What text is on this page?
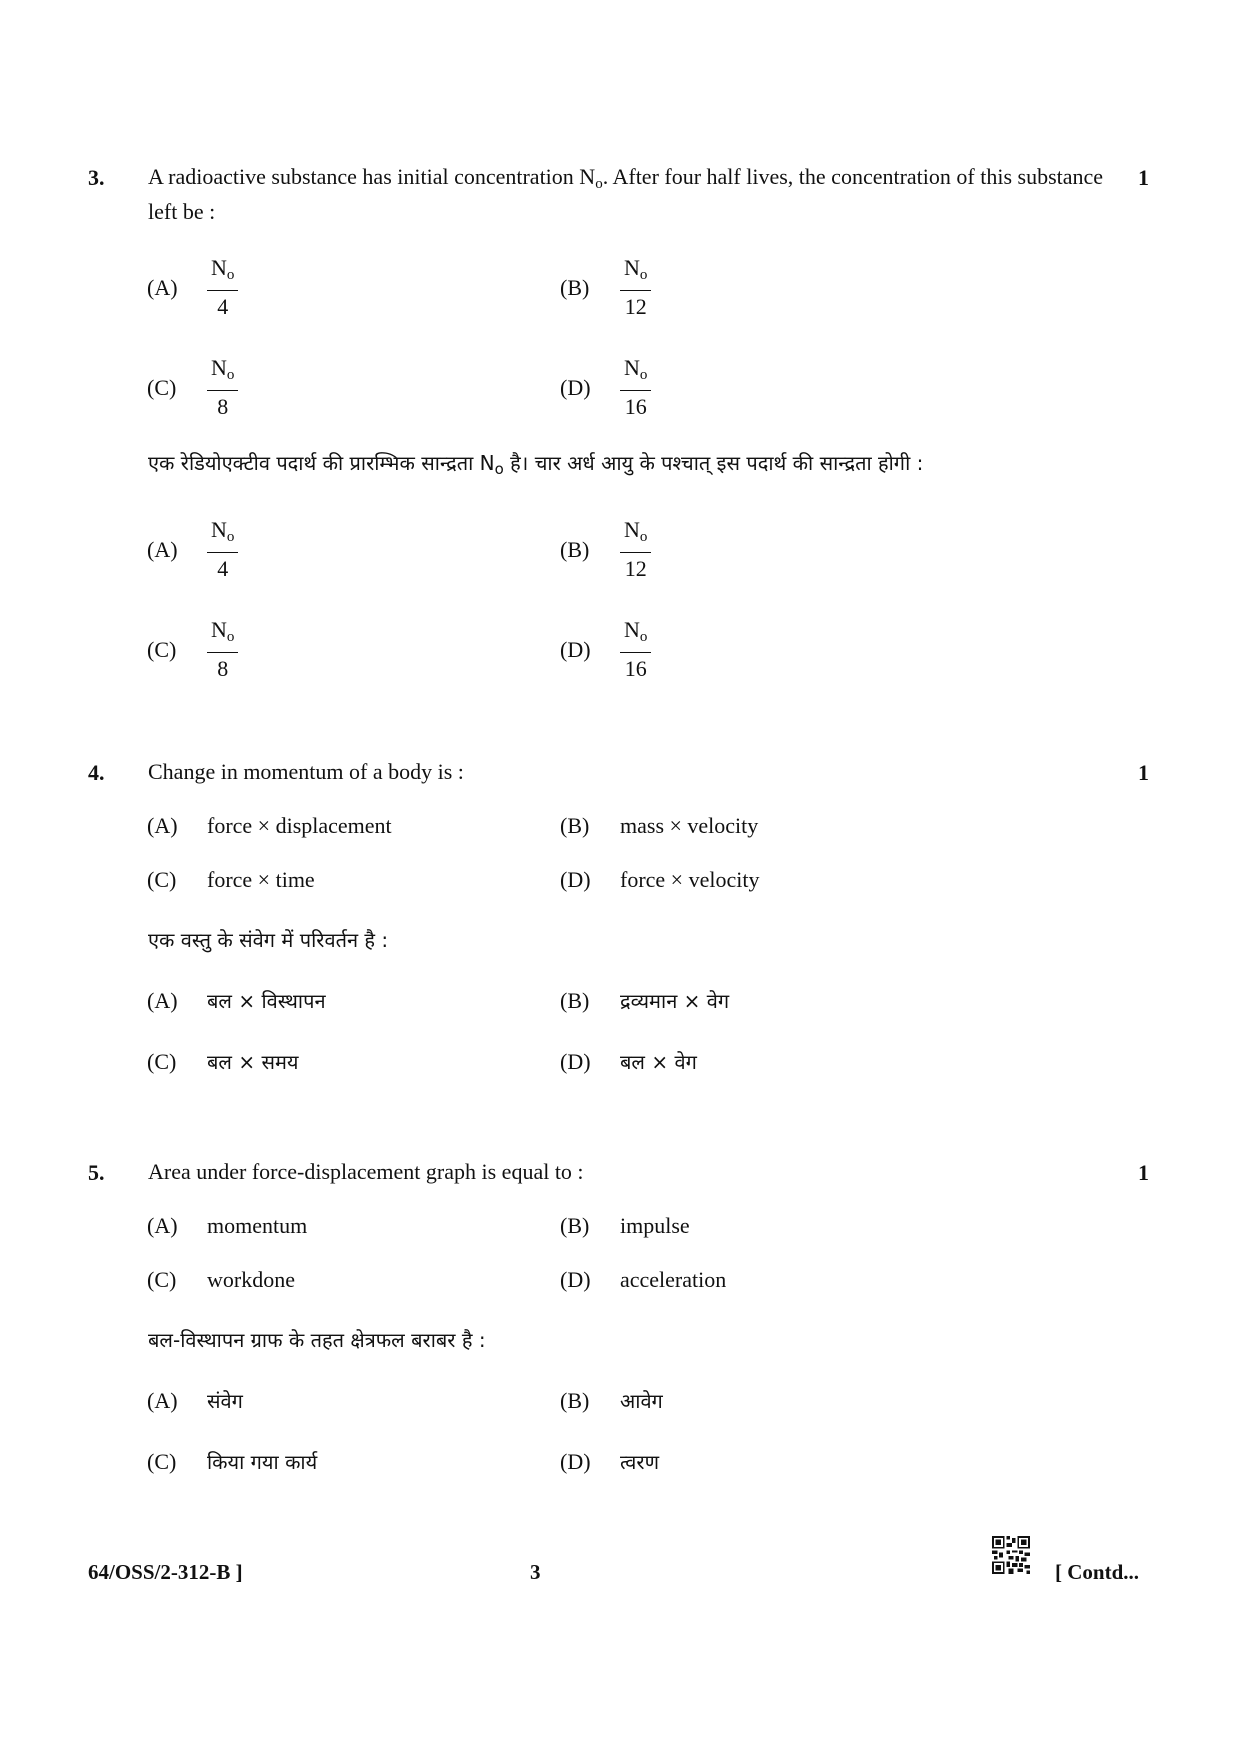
3. A radioactive substance has initial concentration $N_o$. After four half lives, the concentration of this substance left be :
1
(A)	$\frac{N_o}{4}$	(B)	$\frac{N_o}{12}$
(C)	$\frac{N_o}{8}$	(D)	$\frac{N_o}{16}$
एक रेडियोएक्टीव पदार्थ की प्रारम्भिक सान्द्रता $N_o$ है। चार अर्ध आयु के पश्चात् इस पदार्थ की सान्द्रता होगी :
(A)	$\frac{N_o}{4}$	(B)	$\frac{N_o}{12}$
(C)	$\frac{N_o}{8}$	(D)	$\frac{N_o}{16}$
4. Change in momentum of a body is :	1
(A)	force × displacement	(B)	mass × velocity
(C)	force × time	(D)	force × velocity
एक वस्तु के संवेग में परिवर्तन है :
(A)	बल × विस्थापन	(B)	द्रव्यमान × वेग
(C)	बल × समय	(D)	बल × वेग
5. Area under force-displacement graph is equal to :	1
(A)	momentum	(B)	impulse
(C)	workdone	(D)	acceleration
बल-विस्थापन ग्राफ के तहत क्षेत्रफल बराबर है :
(A)	संवेग	(B)	आवेग
(C)	किया गया कार्य	(D)	त्वरण
64/OSS/2-312-B ]	3	[ Contd...
